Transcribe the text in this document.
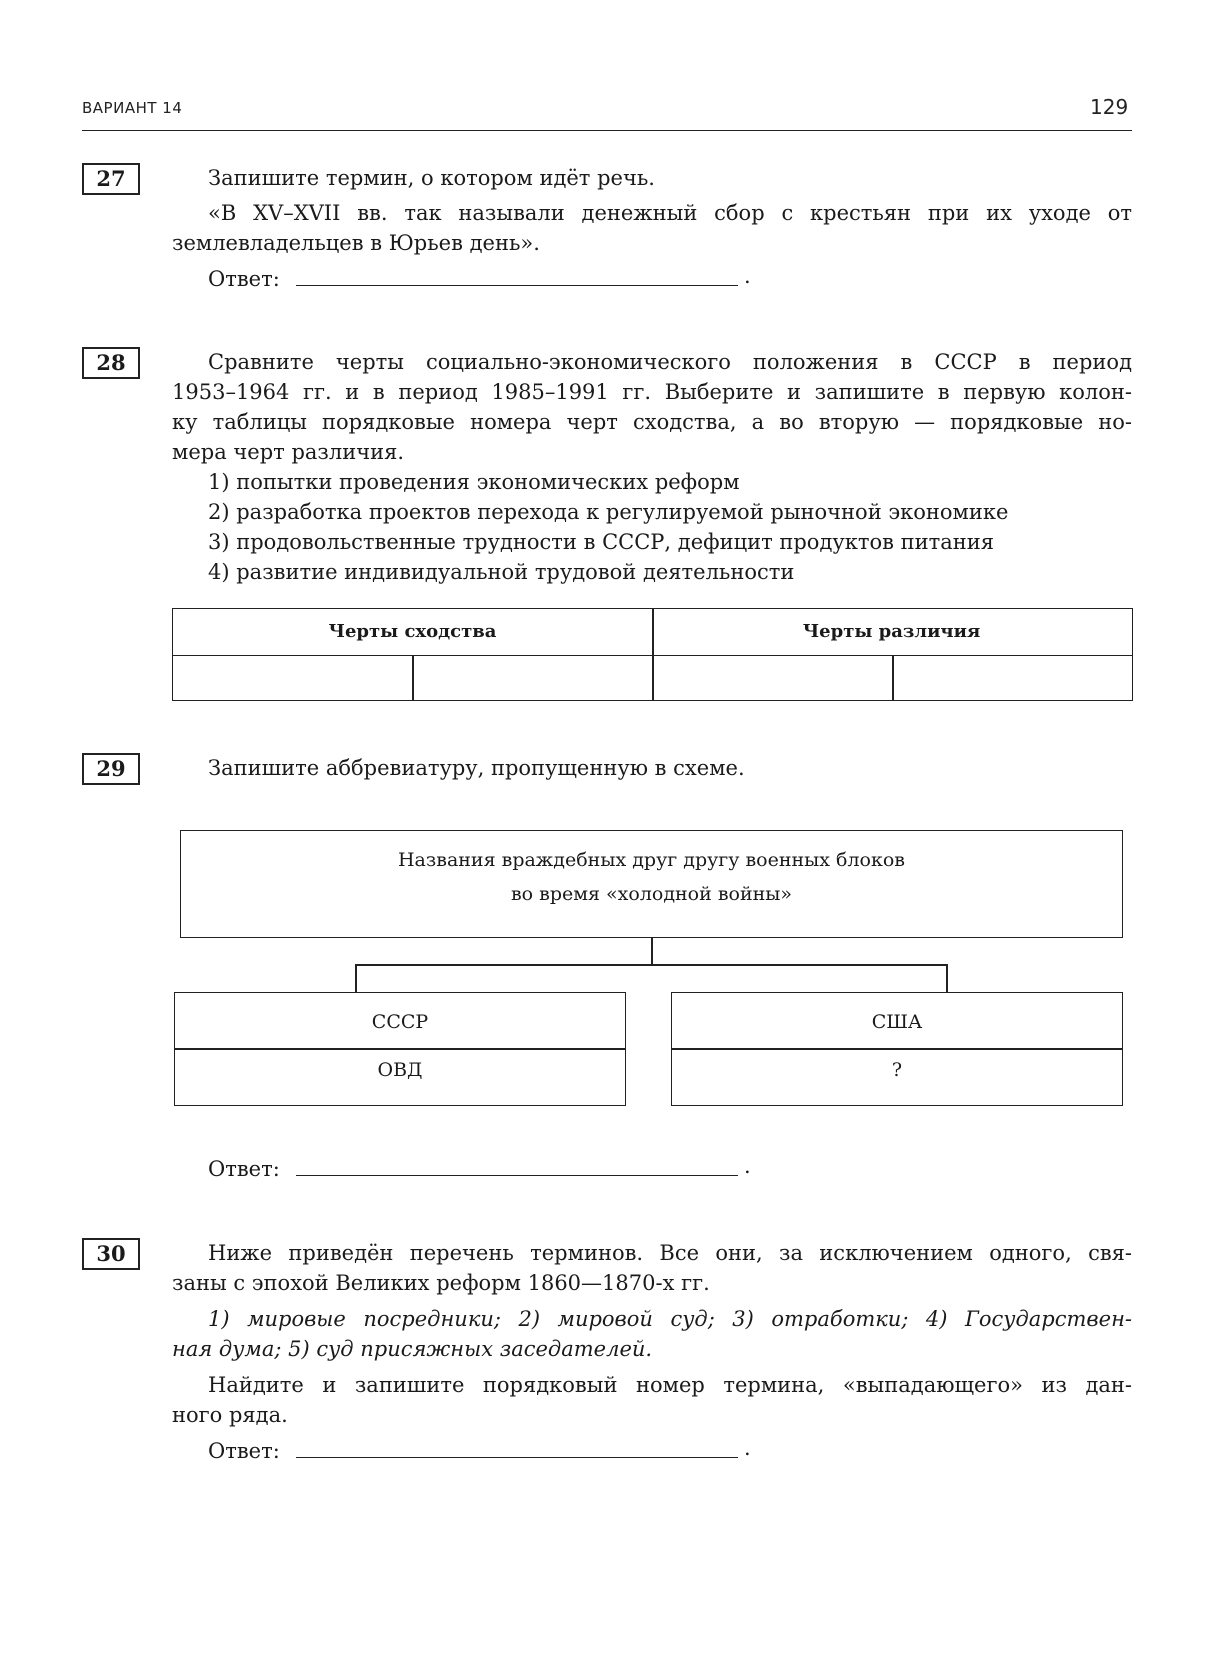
ВАРИАНТ 14	129
27	Запишите термин, о котором идёт речь.
«В XV–XVII вв. так называли денежный сбор с крестьян при их уходе от
землевладельцев в Юрьев день».
Ответ:	.
28	Сравните черты социально-экономического положения в СССР в период
1953–1964 гг. и в период 1985–1991 гг. Выберите и запишите в первую колон-
ку таблицы порядковые номера черт сходства, а во вторую — порядковые но-
мера черт различия.
1) попытки проведения экономических реформ
2) разработка проектов перехода к регулируемой рыночной экономике
3) продовольственные трудности в СССР, дефицит продуктов питания
4) развитие индивидуальной трудовой деятельности
Черты сходства	Черты различия
29	Запишите аббревиатуру, пропущенную в схеме.
Названия враждебных друг другу военных блоков
во время «холодной войны»
СССР
ОВД
США
?
Ответ:	.
30	Ниже приведён перечень терминов. Все они, за исключением одного, свя-
заны с эпохой Великих реформ 1860—1870-х гг.
1) мировые посредники; 2) мировой суд; 3) отработки; 4) Государствен-
ная дума; 5) суд присяжных заседателей.
Найдите и запишите порядковый номер термина, «выпадающего» из дан-
ного ряда.
Ответ:	.
